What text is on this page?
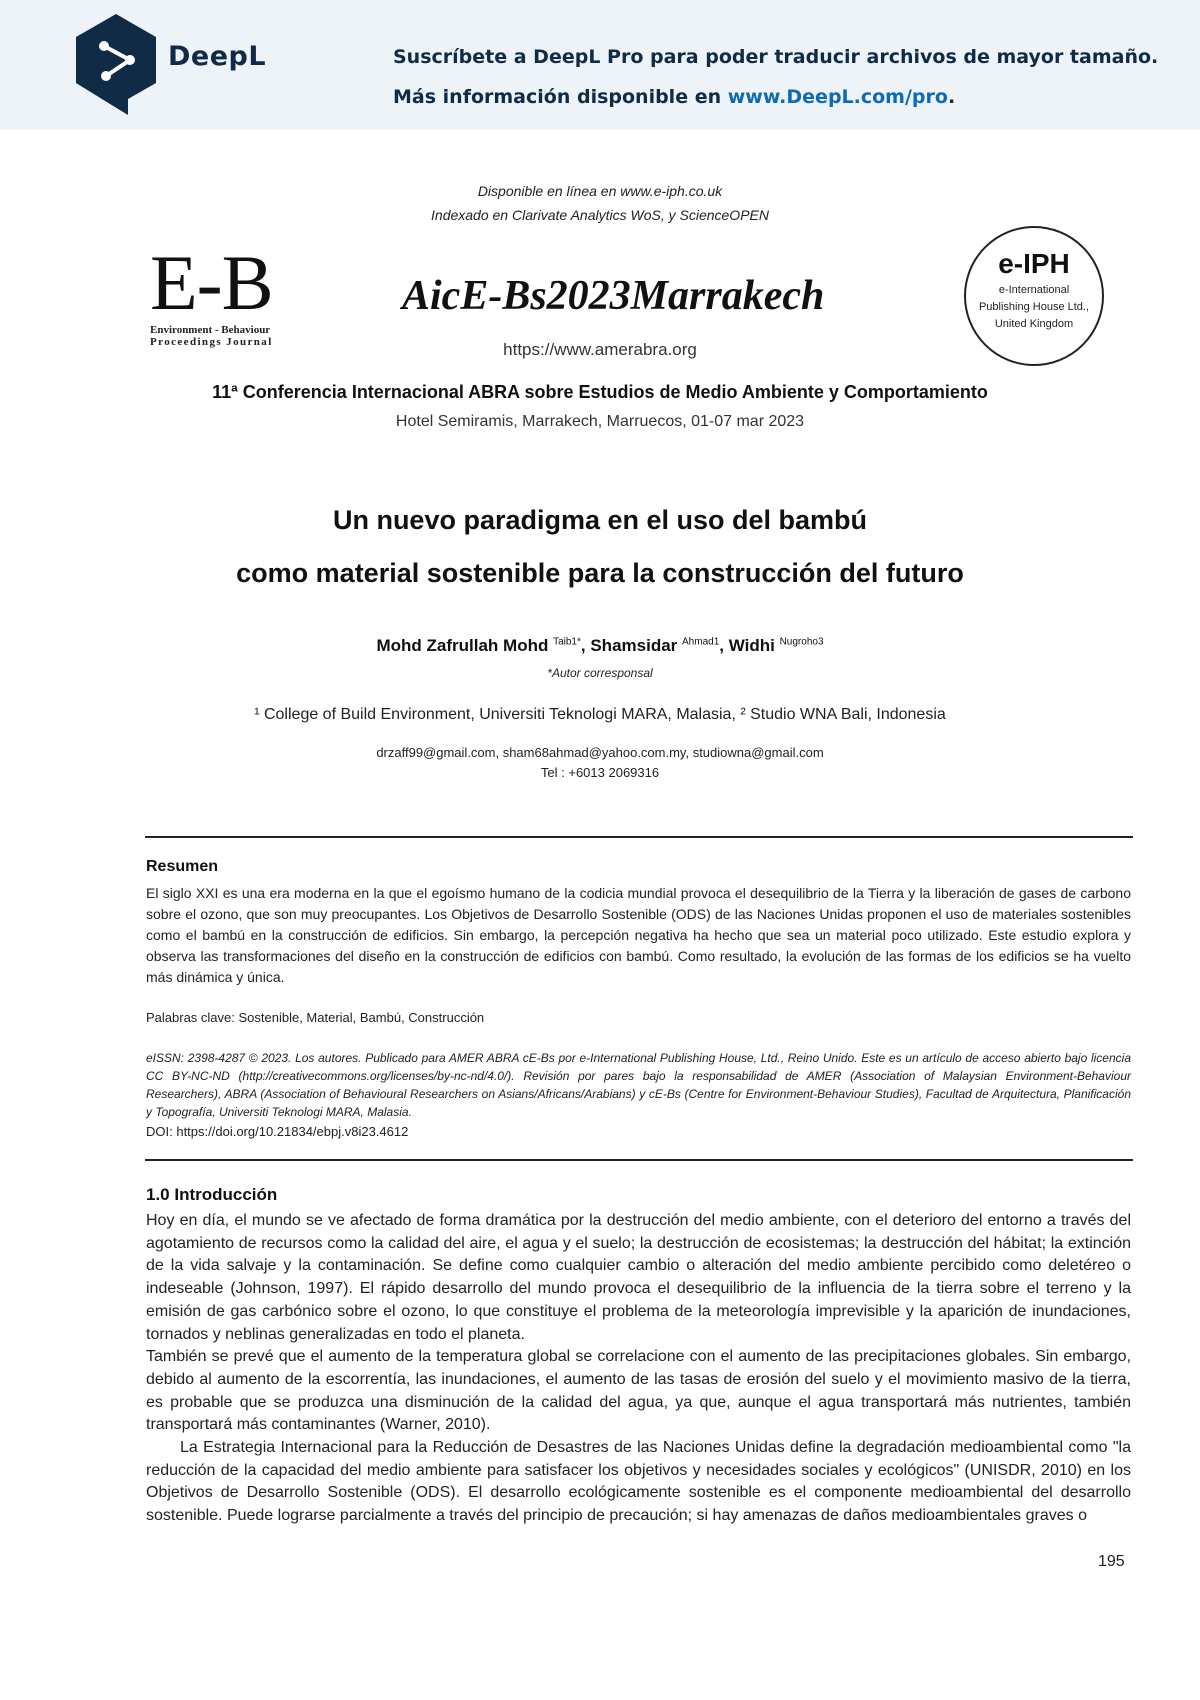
DeepL	Suscríbete a DeepL Pro para poder traducir archivos de mayor tamaño.
Más información disponible en www.DeepL.com/pro.
Disponible en línea en www.e-iph.co.uk
Indexado en Clarivate Analytics WoS, y ScienceOPEN
E-B
Environment - Behaviour
Proceedings Journal
AicE-Bs2023Marrakech
https://www.amerabra.org
e-IPH
e-International
Publishing House Ltd.,
United Kingdom
11ª Conferencia Internacional ABRA sobre Estudios de Medio Ambiente y Comportamiento
Hotel Semiramis, Marrakech, Marruecos, 01-07 mar 2023
Un nuevo paradigma en el uso del bambú
como material sostenible para la construcción del futuro
Mohd Zafrullah Mohd $^{Taib1*}$, Shamsidar $^{Ahmad1}$, Widhi $^{Nugroho3}$
*Autor corresponsal
¹ College of Build Environment, Universiti Teknologi MARA, Malasia, ² Studio WNA Bali, Indonesia
drzaff99@gmail.com, sham68ahmad@yahoo.com.my, studiowna@gmail.com
Tel : +6013 2069316
Resumen
El siglo XXI es una era moderna en la que el egoísmo humano de la codicia mundial provoca el desequilibrio de la Tierra y la liberación de gases de carbono sobre el ozono, que son muy preocupantes. Los Objetivos de Desarrollo Sostenible (ODS) de las Naciones Unidas proponen el uso de materiales sostenibles como el bambú en la construcción de edificios. Sin embargo, la percepción negativa ha hecho que sea un material poco utilizado. Este estudio explora y observa las transformaciones del diseño en la construcción de edificios con bambú. Como resultado, la evolución de las formas de los edificios se ha vuelto más dinámica y única.
Palabras clave: Sostenible, Material, Bambú, Construcción
eISSN: 2398-4287 © 2023. Los autores. Publicado para AMER ABRA cE-Bs por e-International Publishing House, Ltd., Reino Unido. Este es un artículo de acceso abierto bajo licencia CC BY-NC-ND (http://creativecommons.org/licenses/by-nc-nd/4.0/). Revisión por pares bajo la responsabilidad de AMER (Association of Malaysian Environment-Behaviour Researchers), ABRA (Association of Behavioural Researchers on Asians/Africans/Arabians) y cE-Bs (Centre for Environment-Behaviour Studies), Facultad de Arquitectura, Planificación y Topografía, Universiti Teknologi MARA, Malasia.
DOI: https://doi.org/10.21834/ebpj.v8i23.4612
1.0 Introducción

Hoy en día, el mundo se ve afectado de forma dramática por la destrucción del medio ambiente, con el deterioro del entorno a través del agotamiento de recursos como la calidad del aire, el agua y el suelo; la destrucción de ecosistemas; la destrucción del hábitat; la extinción de la vida salvaje y la contaminación. Se define como cualquier cambio o alteración del medio ambiente percibido como deletéreo o indeseable (Johnson, 1997). El rápido desarrollo del mundo provoca el desequilibrio de la influencia de la tierra sobre el terreno y la emisión de gas carbónico sobre el ozono, lo que constituye el problema de la meteorología imprevisible y la aparición de inundaciones, tornados y neblinas generalizadas en todo el planeta.

También se prevé que el aumento de la temperatura global se correlacione con el aumento de las precipitaciones globales. Sin embargo, debido al aumento de la escorrentía, las inundaciones, el aumento de las tasas de erosión del suelo y el movimiento masivo de la tierra, es probable que se produzca una disminución de la calidad del agua, ya que, aunque el agua transportará más nutrientes, también transportará más contaminantes (Warner, 2010).

La Estrategia Internacional para la Reducción de Desastres de las Naciones Unidas define la degradación medioambiental como "la reducción de la capacidad del medio ambiente para satisfacer los objetivos y necesidades sociales y ecológicos" (UNISDR, 2010) en los Objetivos de Desarrollo Sostenible (ODS). El desarrollo ecológicamente sostenible es el componente medioambiental del desarrollo sostenible. Puede lograrse parcialmente a través del principio de precaución; si hay amenazas de daños medioambientales graves o

195
